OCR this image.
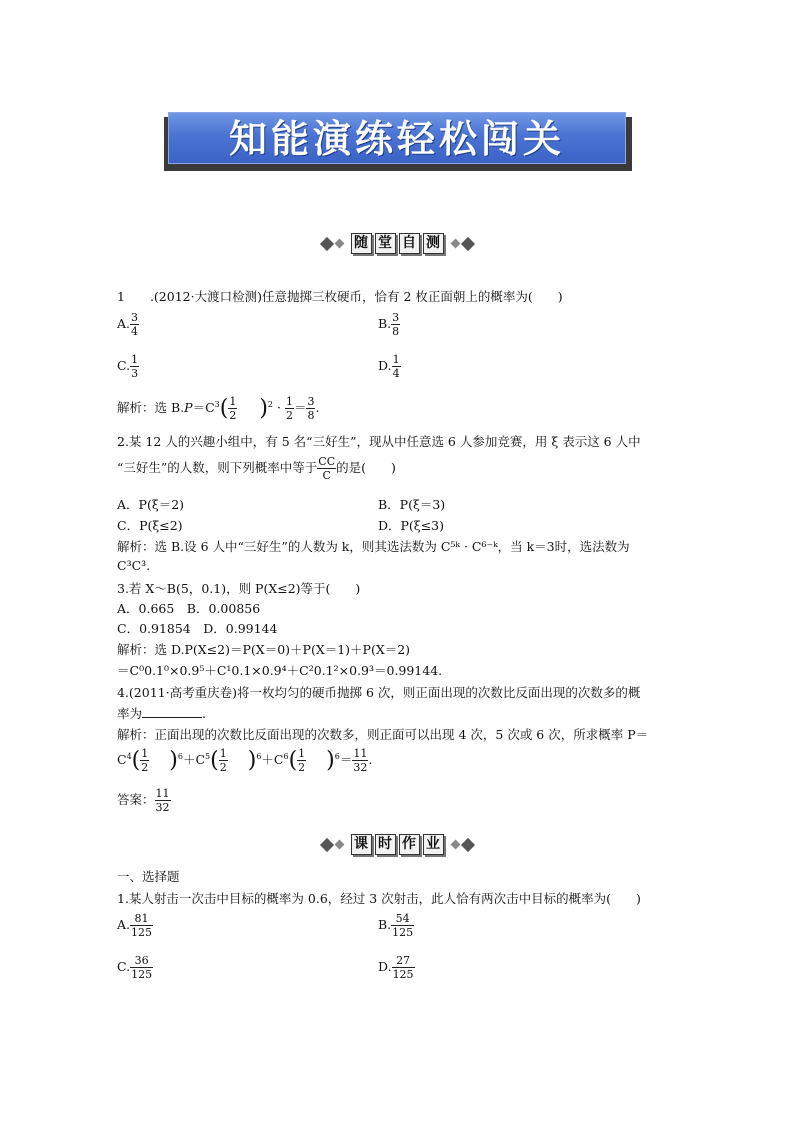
知能演练轻松闯关
随 堂 自 测
1　　.(2012·大渡口检测)任意抛掷三枚硬币，恰有 2 枚正面朝上的概率为(　　)
A. $\frac{3}{4}$	B. $\frac{3}{8}$
C. $\frac{1}{3}$	D. $\frac{1}{4}$
解析：选 $B.P=C^3( \frac{1}{2} )^2 \cdot \frac{1}{2} = \frac{3}{8}$ .
2.某 12 人的兴趣小组中，有 5 名“三好生”，现从中任意选 6 人参加竞赛，用 ξ 表示这 6 人中
“三好生”的人数，则下列概率中等于 $\frac{CC}{C}$ 的是(　　)
A．P(ξ＝2)	B．P(ξ＝3)
C．P(ξ≤2)	D．P(ξ≤3)
解析：选 B.设 6 人中“三好生”的人数为 k，则其选法数为 C⁵ᵏ · C⁶⁻ᵏ，当 k＝3时，选法数为
C³C³.
3.若 X～B(5，0.1)，则 P(X≤2)等于(　　)
A．0.665　B．0.00856
C．0.91854　D．0.99144
解析：选 D.P(X≤2)＝P(X＝0)＋P(X＝1)＋P(X＝2)
＝C⁰0.1⁰×0.9⁵＋C¹0.1×0.9⁴＋C²0.1²×0.9³＝0.99144.
4.(2011·高考重庆卷)将一枚均匀的硬币抛掷 6 次，则正面出现的次数比反面出现的次数多的概
率为	.
解析：正面出现的次数比反面出现的次数多，则正面可以出现 4 次，5 次或 6 次，所求概率 P＝
$C^4( \frac{1}{2} )^6+C^5( \frac{1}{2} )^6+C^6( \frac{1}{2} )^6= \frac{11}{32}$ .
答案： $\frac{11}{32}$
课 时 作 业
一、选择题
1.某人射击一次击中目标的概率为 0.6，经过 3 次射击，此人恰有两次击中目标的概率为(　　)
A. $\frac{81}{125}$	B. $\frac{54}{125}$
C. $\frac{36}{125}$	D. $\frac{27}{125}$
